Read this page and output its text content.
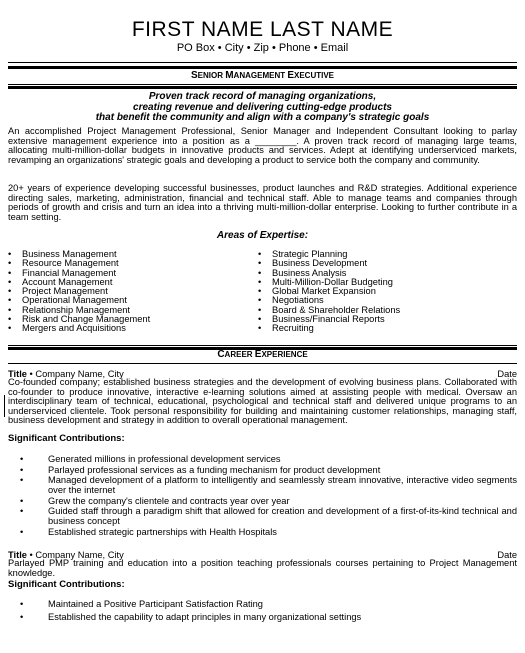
FIRST NAME LAST NAME
PO Box • City • Zip • Phone • Email
SENIOR MANAGEMENT EXECUTIVE
Proven track record of managing organizations,
creating revenue and delivering cutting-edge products
that benefit the community and align with a company's strategic goals
An accomplished Project Management Professional, Senior Manager and Independent Consultant looking to parlay extensive management experience into a position as a ________. A proven track record of managing large teams, allocating multi-million-dollar budgets in innovative products and services. Adept at identifying underserviced markets, revamping an organizations' strategic goals and developing a product to service both the company and community.
20+ years of experience developing successful businesses, product launches and R&D strategies. Additional experience directing sales, marketing, administration, financial and technical staff. Able to manage teams and companies through periods of growth and crisis and turn an idea into a thriving multi-million-dollar enterprise. Looking to further contribute in a team setting.
Areas of Expertise:
• Business Management
• Resource Management
• Financial Management
• Account Management
• Project Management
• Operational Management
• Relationship Management
• Risk and Change Management
• Mergers and Acquisitions
• Strategic Planning
• Business Development
• Business Analysis
• Multi-Million-Dollar Budgeting
• Global Market Expansion
• Negotiations
• Board & Shareholder Relations
• Business/Financial Reports
• Recruiting
CAREER EXPERIENCE
Title • Company Name, City	Date
Co-founded company; established business strategies and the development of evolving business plans. Collaborated with co-founder to produce innovative, interactive e-learning solutions aimed at assisting people with medical. Oversaw an interdisciplinary team of technical, educational, psychological and technical staff and delivered unique programs to an underserviced clientele. Took personal responsibility for building and maintaining customer relationships, managing staff, business development and strategy in addition to overall operational management.
Significant Contributions:
• Generated millions in professional development services
• Parlayed professional services as a funding mechanism for product development
• Managed development of a platform to intelligently and seamlessly stream innovative, interactive video segments over the internet
• Grew the company's clientele and contracts year over year
• Guided staff through a paradigm shift that allowed for creation and development of a first-of-its-kind technical and business concept
• Established strategic partnerships with Health Hospitals
Title • Company Name, City	Date
Parlayed PMP training and education into a position teaching professionals courses pertaining to Project Management knowledge.
Significant Contributions:
• Maintained a Positive Participant Satisfaction Rating
• Established the capability to adapt principles in many organizational settings
